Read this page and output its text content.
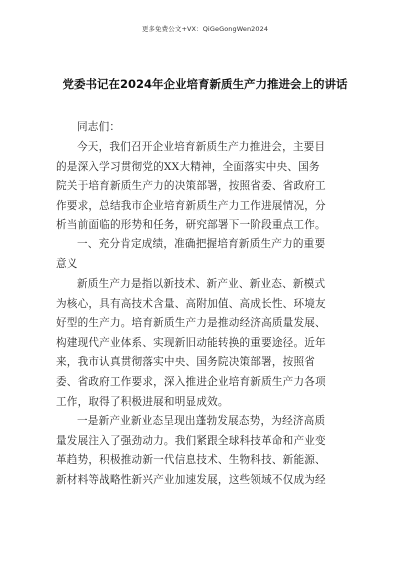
更多免费公文+VX：QiGeGongWen2024
党委书记在2024年企业培育新质生产力推进会上的讲话
同志们：
今天，我们召开企业培育新质生产力推进会，主要目
的是深入学习贯彻党的XX大精神，全面落实中央、国务
院关于培育新质生产力的决策部署，按照省委、省政府工
作要求，总结我市企业培育新质生产力工作进展情况，分
析当前面临的形势和任务，研究部署下一阶段重点工作。
一、充分肯定成绩，准确把握培育新质生产力的重要
意义
新质生产力是指以新技术、新产业、新业态、新模式
为核心，具有高技术含量、高附加值、高成长性、环境友
好型的生产力。培育新质生产力是推动经济高质量发展、
构建现代产业体系、实现新旧动能转换的重要途径。近年
来，我市认真贯彻落实中央、国务院决策部署，按照省
委、省政府工作要求，深入推进企业培育新质生产力各项
工作，取得了积极进展和明显成效。
一是新产业新业态呈现出蓬勃发展态势，为经济高质
量发展注入了强劲动力。我们紧跟全球科技革命和产业变
革趋势，积极推动新一代信息技术、生物科技、新能源、
新材料等战略性新兴产业加速发展，这些领域不仅成为经
